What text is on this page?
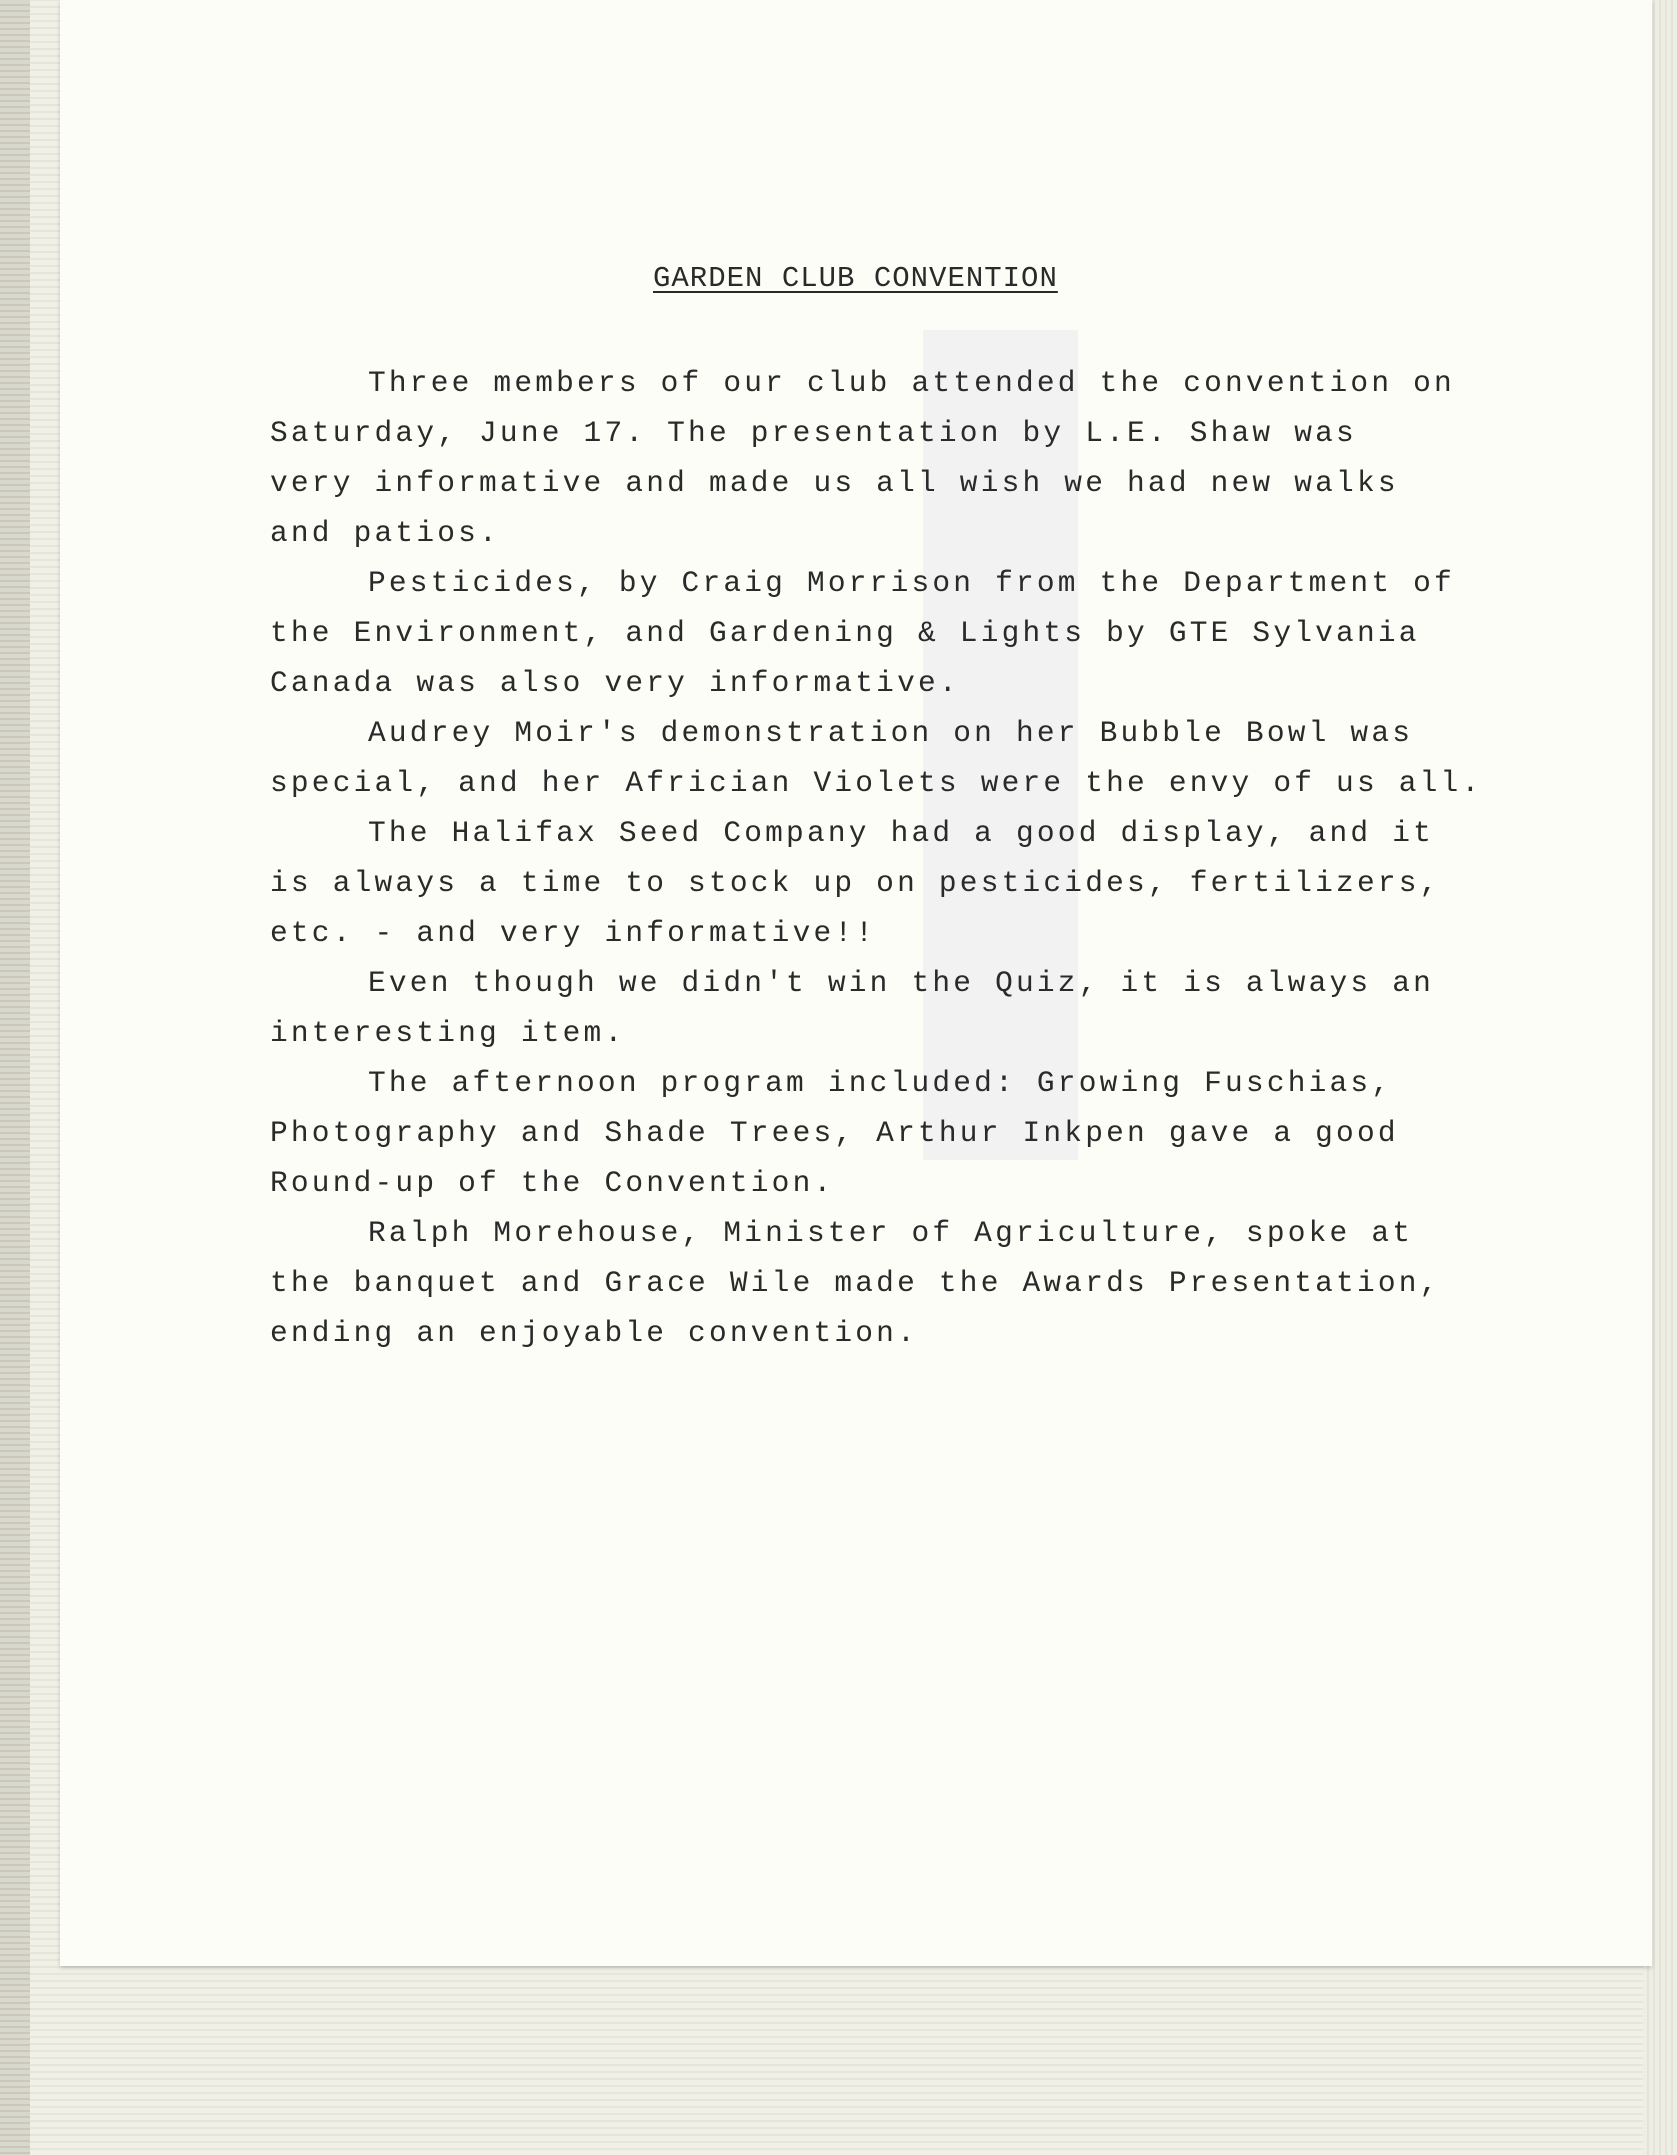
GARDEN CLUB CONVENTION
Three members of our club attended the convention on
Saturday, June 17. The presentation by L.E. Shaw was
very informative and made us all wish we had new walks
and patios.
Pesticides, by Craig Morrison from the Department of
the Environment, and Gardening & Lights by GTE Sylvania
Canada was also very informative.
Audrey Moir's demonstration on her Bubble Bowl was
special, and her Africian Violets were the envy of us all.
The Halifax Seed Company had a good display, and it
is always a time to stock up on pesticides, fertilizers,
etc. - and very informative!!
Even though we didn't win the Quiz, it is always an
interesting item.
The afternoon program included: Growing Fuschias,
Photography and Shade Trees, Arthur Inkpen gave a good
Round-up of the Convention.
Ralph Morehouse, Minister of Agriculture, spoke at
the banquet and Grace Wile made the Awards Presentation,
ending an enjoyable convention.
